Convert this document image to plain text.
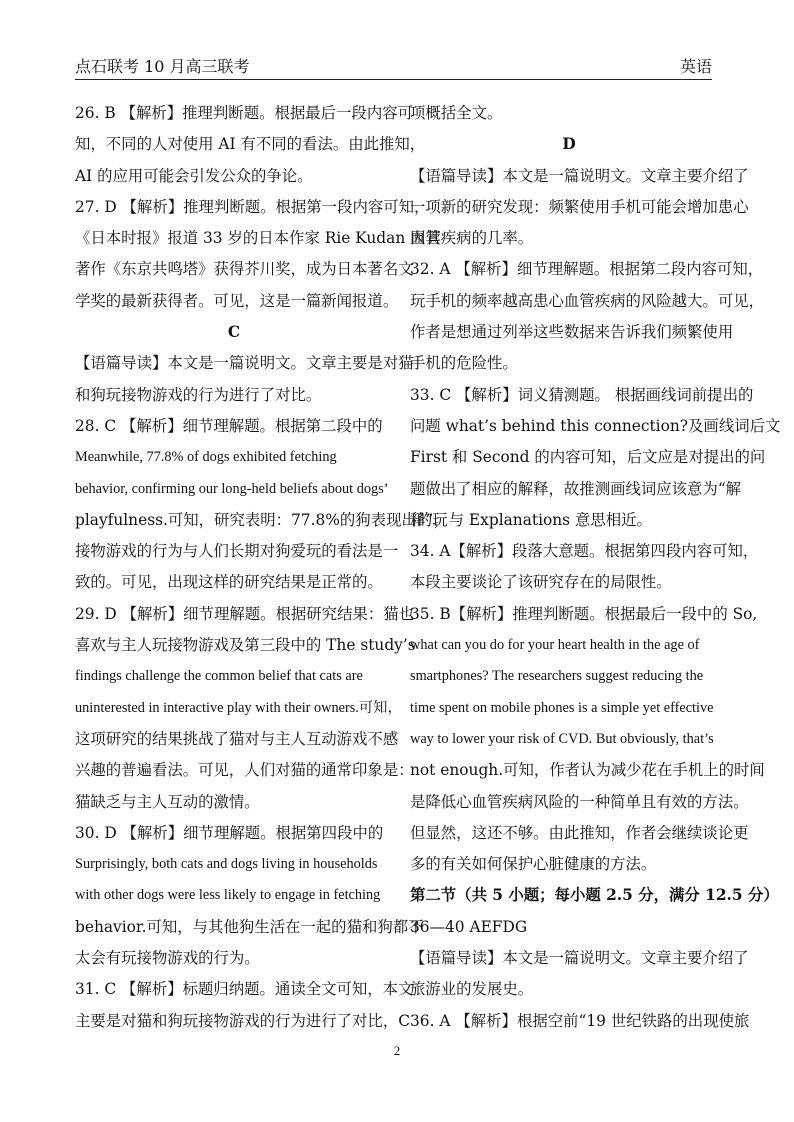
点石联考 10 月高三联考	英语
26. B 【解析】推理判断题。根据最后一段内容可
知，不同的人对使用 AI 有不同的看法。由此推知，
AI 的应用可能会引发公众的争论。
27. D 【解析】推理判断题。根据第一段内容可知，
《日本时报》报道 33 岁的日本作家 Rie Kudan 因其
著作《东京共鸣塔》获得芥川奖，成为日本著名文
学奖的最新获得者。可见，这是一篇新闻报道。
C
【语篇导读】本文是一篇说明文。文章主要是对猫
和狗玩接物游戏的行为进行了对比。
28. C 【解析】细节理解题。根据第二段中的
Meanwhile, 77.8% of dogs exhibited fetching
behavior, confirming our long-held beliefs about dogs’
playfulness.可知，研究表明：77.8%的狗表现出的玩
接物游戏的行为与人们长期对狗爱玩的看法是一
致的。可见，出现这样的研究结果是正常的。
29. D 【解析】细节理解题。根据研究结果：猫也
喜欢与主人玩接物游戏及第三段中的 The study’s
findings challenge the common belief that cats are
uninterested in interactive play with their owners.可知，
这项研究的结果挑战了猫对与主人互动游戏不感
兴趣的普遍看法。可见，人们对猫的通常印象是：
猫缺乏与主人互动的激情。
30. D 【解析】细节理解题。根据第四段中的
Surprisingly, both cats and dogs living in households
with other dogs were less likely to engage in fetching
behavior.可知，与其他狗生活在一起的猫和狗都不
太会有玩接物游戏的行为。
31. C 【解析】标题归纳题。通读全文可知，本文
主要是对猫和狗玩接物游戏的行为进行了对比，C
项概括全文。
D
【语篇导读】本文是一篇说明文。文章主要介绍了
一项新的研究发现：频繁使用手机可能会增加患心
血管疾病的几率。
32. A 【解析】细节理解题。根据第二段内容可知，
玩手机的频率越高患心血管疾病的风险越大。可见，
作者是想通过列举这些数据来告诉我们频繁使用
手机的危险性。
33. C 【解析】词义猜测题。 根据画线词前提出的
问题 what’s behind this connection?及画线词后文
First 和 Second 的内容可知，后文应是对提出的问
题做出了相应的解释，故推测画线词应该意为“解
释”，与 Explanations 意思相近。
34. A【解析】段落大意题。根据第四段内容可知，
本段主要谈论了该研究存在的局限性。
35. B【解析】推理判断题。根据最后一段中的 So,
what can you do for your heart health in the age of
smartphones? The researchers suggest reducing the
time spent on mobile phones is a simple yet effective
way to lower your risk of CVD. But obviously, that’s
not enough.可知，作者认为减少花在手机上的时间
是降低心血管疾病风险的一种简单且有效的方法。
但显然，这还不够。由此推知，作者会继续谈论更
多的有关如何保护心脏健康的方法。
第二节（共 5 小题；每小题 2.5 分，满分 12.5 分）
36—40 AEFDG
【语篇导读】本文是一篇说明文。文章主要介绍了
旅游业的发展史。
36. A 【解析】根据空前“19 世纪铁路的出现使旅
2
